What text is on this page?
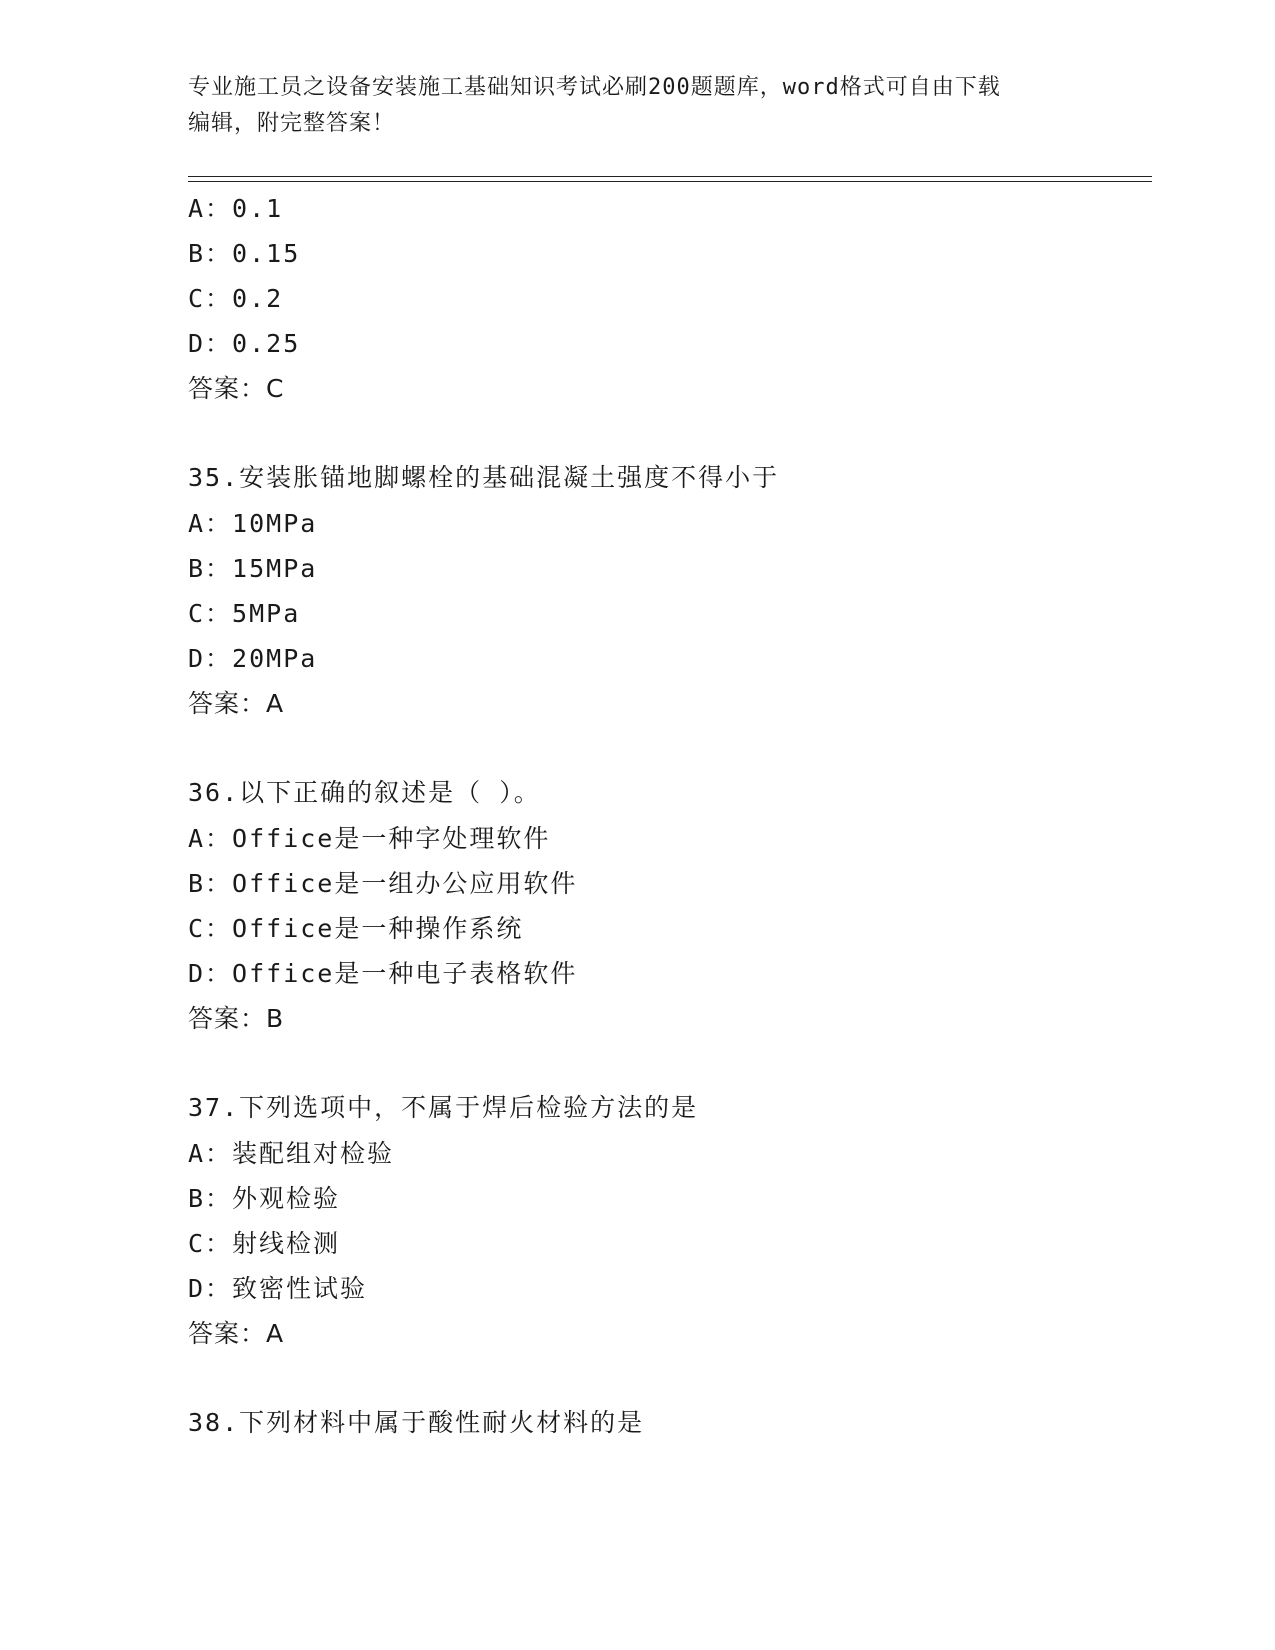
专业施工员之设备安装施工基础知识考试必刷200题题库，word格式可自由下载
编辑，附完整答案！
A：0.1
B：0.15
C：0.2
D：0.25
答案：C
35.安装胀锚地脚螺栓的基础混凝土强度不得小于
A：10MPa
B：15MPa
C：5MPa
D：20MPa
答案：A
36.以下正确的叙述是（ ）。
A：Office是一种字处理软件
B：Office是一组办公应用软件
C：Office是一种操作系统
D：Office是一种电子表格软件
答案：B
37.下列选项中，不属于焊后检验方法的是
A：装配组对检验
B：外观检验
C：射线检测
D：致密性试验
答案：A
38.下列材料中属于酸性耐火材料的是
